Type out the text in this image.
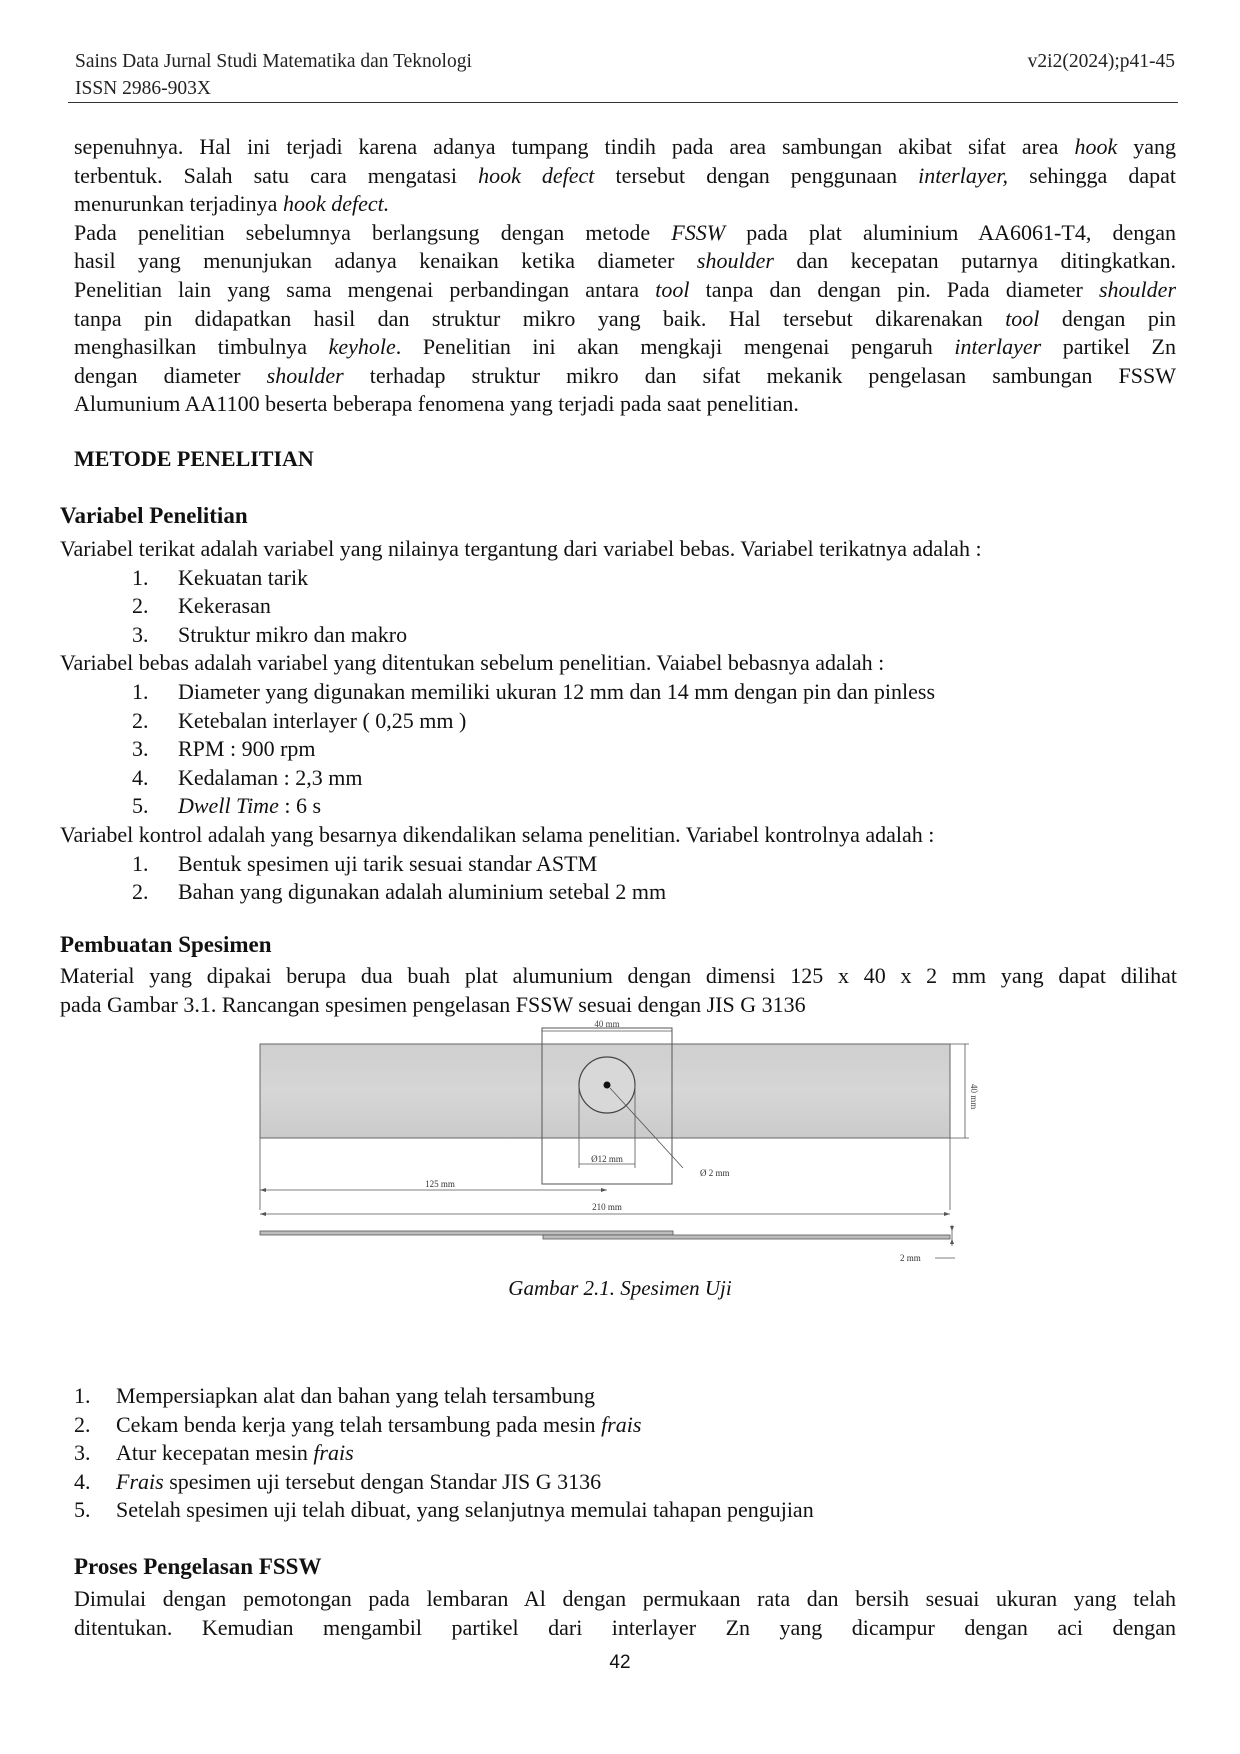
Sains Data Jurnal Studi Matematika dan Teknologi
ISSN 2986-903X
v2i2(2024);p41-45
sepenuhnya. Hal ini terjadi karena adanya tumpang tindih pada area sambungan akibat sifat area hook yang
terbentuk. Salah satu cara mengatasi hook defect tersebut dengan penggunaan interlayer, sehingga dapat
menurunkan terjadinya hook defect.
Pada penelitian sebelumnya berlangsung dengan metode FSSW pada plat aluminium AA6061-T4, dengan
hasil yang menunjukan adanya kenaikan ketika diameter shoulder dan kecepatan putarnya ditingkatkan.
Penelitian lain yang sama mengenai perbandingan antara tool tanpa dan dengan pin. Pada diameter shoulder
tanpa pin didapatkan hasil dan struktur mikro yang baik. Hal tersebut dikarenakan tool dengan pin
menghasilkan timbulnya keyhole. Penelitian ini akan mengkaji mengenai pengaruh interlayer partikel Zn
dengan diameter shoulder terhadap struktur mikro dan sifat mekanik pengelasan sambungan FSSW
Alumunium AA1100 beserta beberapa fenomena yang terjadi pada saat penelitian.
METODE PENELITIAN
Variabel Penelitian
Variabel terikat adalah variabel yang nilainya tergantung dari variabel bebas. Variabel terikatnya adalah :
1. Kekuatan tarik
2. Kekerasan
3. Struktur mikro dan makro
Variabel bebas adalah variabel yang ditentukan sebelum penelitian. Vaiabel bebasnya adalah :
1. Diameter yang digunakan memiliki ukuran 12 mm dan 14 mm dengan pin dan pinless
2. Ketebalan interlayer ( 0,25 mm )
3. RPM : 900 rpm
4. Kedalaman : 2,3 mm
5. Dwell Time : 6 s
Variabel kontrol adalah yang besarnya dikendalikan selama penelitian. Variabel kontrolnya adalah :
1. Bentuk spesimen uji tarik sesuai standar ASTM
2. Bahan yang digunakan adalah aluminium setebal 2 mm
Pembuatan Spesimen
Material yang dipakai berupa dua buah plat alumunium dengan dimensi 125 x 40 x 2 mm yang dapat dilihat
pada Gambar 3.1. Rancangan spesimen pengelasan FSSW sesuai dengan JIS G 3136
40 mm
40 mm
Ø12 mm
Ø 2 mm
125 mm
210 mm
2 mm
Gambar 2.1. Spesimen Uji
1. Mempersiapkan alat dan bahan yang telah tersambung
2. Cekam benda kerja yang telah tersambung pada mesin frais
3. Atur kecepatan mesin frais
4. Frais spesimen uji tersebut dengan Standar JIS G 3136
5. Setelah spesimen uji telah dibuat, yang selanjutnya memulai tahapan pengujian
Proses Pengelasan FSSW
Dimulai dengan pemotongan pada lembaran Al dengan permukaan rata dan bersih sesuai ukuran yang telah
ditentukan. Kemudian mengambil partikel dari interlayer Zn yang dicampur dengan aci dengan
42
